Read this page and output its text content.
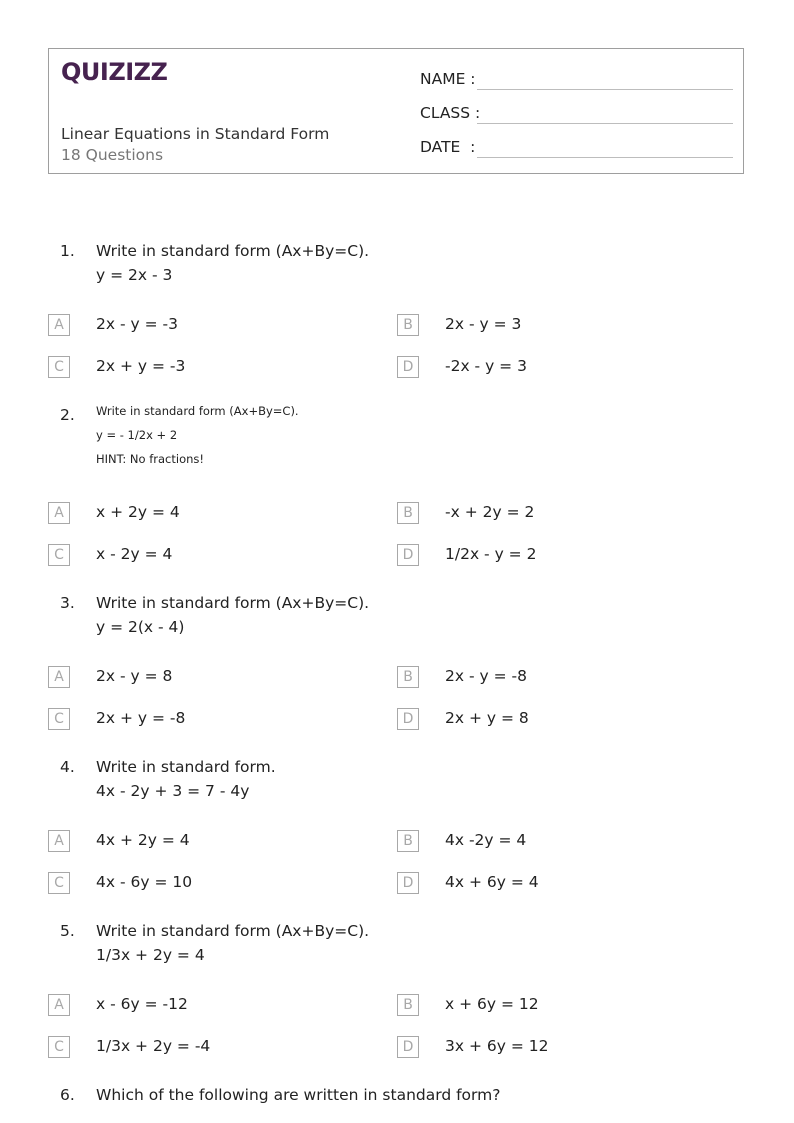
QUIZIZZ
Linear Equations in Standard Form
18 Questions
NAME :
CLASS :
DATE  :
1. Write in standard form (Ax+By=C).
y = 2x - 3
A	2x - y = -3	B	2x - y = 3
C	2x + y = -3	D	-2x - y = 3
2. Write in standard form (Ax+By=C).
y = - 1/2x + 2
HINT: No fractions!
A	x + 2y = 4	B	-x + 2y = 2
C	x - 2y = 4	D	1/2x - y = 2
3. Write in standard form (Ax+By=C).
y = 2(x - 4)
A	2x - y = 8	B	2x - y = -8
C	2x + y = -8	D	2x + y = 8
4. Write in standard form.
4x - 2y + 3 = 7 - 4y
A	4x + 2y = 4	B	4x -2y = 4
C	4x - 6y = 10	D	4x + 6y = 4
5. Write in standard form (Ax+By=C).
1/3x + 2y = 4
A	x - 6y = -12	B	x + 6y = 12
C	1/3x + 2y = -4	D	3x + 6y = 12
6. Which of the following are written in standard form?
